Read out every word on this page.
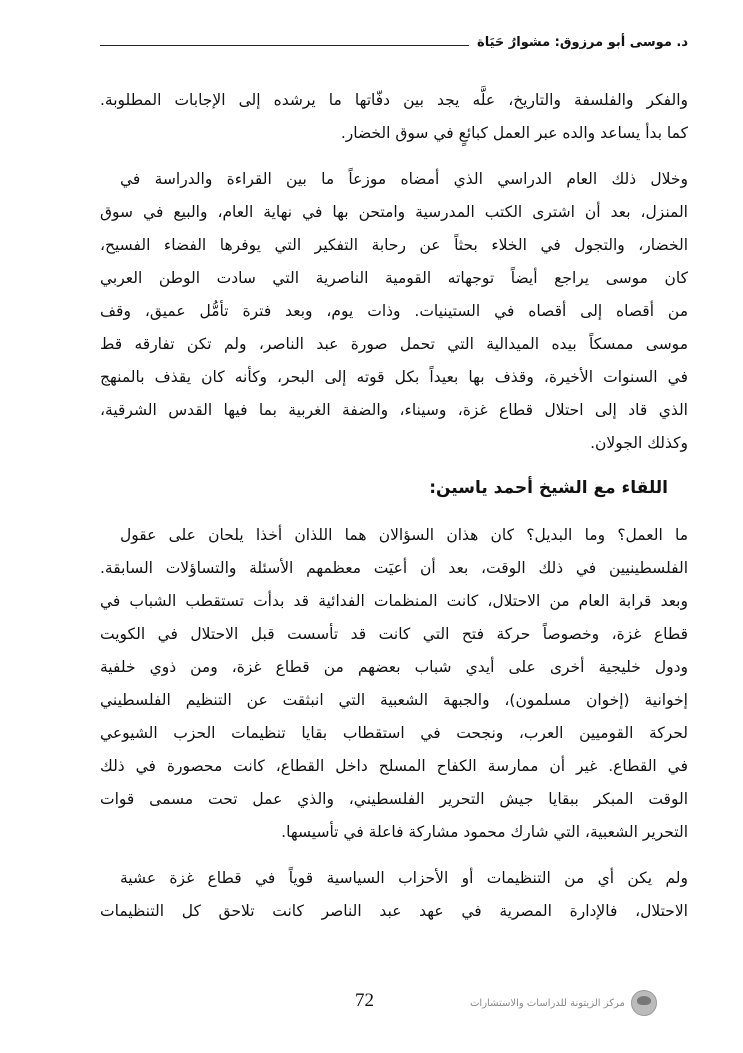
د. موسى أبو مرزوق: مشوارُ حَيَاة
والفكر والفلسفة والتاريخ، علَّه يجد بين دفّاتها ما يرشده إلى الإجابات المطلوبة.
كما بدأ يساعد والده عبر العمل كبائعٍ في سوق الخضار.
وخلال ذلك العام الدراسي الذي أمضاه موزعاً ما بين القراءة والدراسة في
المنزل، بعد أن اشترى الكتب المدرسية وامتحن بها في نهاية العام، والبيع في سوق
الخضار، والتجول في الخلاء بحثاً عن رحابة التفكير التي يوفرها الفضاء الفسيح،
كان موسى يراجع أيضاً توجهاته القومية الناصرية التي سادت الوطن العربي
من أقصاه إلى أقصاه في الستينيات. وذات يوم، وبعد فترة تأمُّل عميق، وقف
موسى ممسكاً بيده الميدالية التي تحمل صورة عبد الناصر، ولم تكن تفارقه قط
في السنوات الأخيرة، وقذف بها بعيداً بكل قوته إلى البحر، وكأنه كان يقذف بالمنهج
الذي قاد إلى احتلال قطاع غزة، وسيناء، والضفة الغربية بما فيها القدس الشرقية،
وكذلك الجولان.
ما العمل؟ وما البديل؟ كان هذان السؤالان هما اللذان أخذا يلحان على عقول
الفلسطينيين في ذلك الوقت، بعد أن أعيَت معظمهم الأسئلة والتساؤلات السابقة.
وبعد قرابة العام من الاحتلال، كانت المنظمات الفدائية قد بدأت تستقطب الشباب في
قطاع غزة، وخصوصاً حركة فتح التي كانت قد تأسست قبل الاحتلال في الكويت
ودول خليجية أخرى على أيدي شباب بعضهم من قطاع غزة، ومن ذوي خلفية
إخوانية (إخوان مسلمون)، والجبهة الشعبية التي انبثقت عن التنظيم الفلسطيني
لحركة القوميين العرب، ونجحت في استقطاب بقايا تنظيمات الحزب الشيوعي
في القطاع. غير أن ممارسة الكفاح المسلح داخل القطاع، كانت محصورة في ذلك
الوقت المبكر ببقايا جيش التحرير الفلسطيني، والذي عمل تحت مسمى قوات
التحرير الشعبية، التي شارك محمود مشاركة فاعلة في تأسيسها.
ولم يكن أي من التنظيمات أو الأحزاب السياسية قوياً في قطاع غزة عشية
الاحتلال، فالإدارة المصرية في عهد عبد الناصر كانت تلاحق كل التنظيمات
اللقاء مع الشيخ أحمد ياسين:
72	مركز الزيتونة للدراسات والاستشارات
